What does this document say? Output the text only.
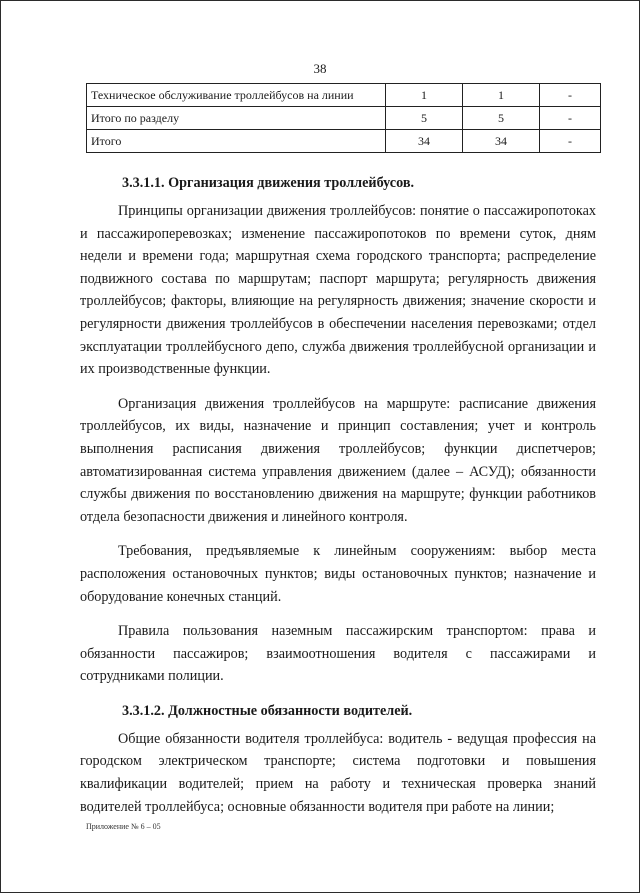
38
Техническое обслуживание троллейбусов на линии	1	1	-
Итого по разделу	5	5	-
Итого	34	34	-
3.3.1.1. Организация движения троллейбусов.

Принципы организации движения троллейбусов: понятие о пассажиропотоках и пассажироперевозках; изменение пассажиропотоков по времени суток, дням недели и времени года; маршрутная схема городского транспорта; распределение подвижного состава по маршрутам; паспорт маршрута; регулярность движения троллейбусов; факторы, влияющие на регулярность движения; значение скорости и регулярности движения троллейбусов в обеспечении населения перевозками; отдел эксплуатации троллейбусного депо, служба движения троллейбусной организации и их производственные функции.

Организация движения троллейбусов на маршруте: расписание движения троллейбусов, их виды, назначение и принцип составления; учет и контроль выполнения расписания движения троллейбусов; функции диспетчеров; автоматизированная система управления движением (далее – АСУД); обязанности службы движения по восстановлению движения на маршруте; функции работников отдела безопасности движения и линейного контроля.

Требования, предъявляемые к линейным сооружениям: выбор места расположения остановочных пунктов; виды остановочных пунктов; назначение и оборудование конечных станций.

Правила пользования наземным пассажирским транспортом: права и обязанности пассажиров; взаимоотношения водителя с пассажирами и сотрудниками полиции.

3.3.1.2. Должностные обязанности водителей.

Общие обязанности водителя троллейбуса: водитель - ведущая профессия на городском электрическом транспорте; система подготовки и повышения квалификации водителей; прием на работу и техническая проверка знаний водителей троллейбуса; основные обязанности водителя при работе на линии;

Приложение № 6 – 05
